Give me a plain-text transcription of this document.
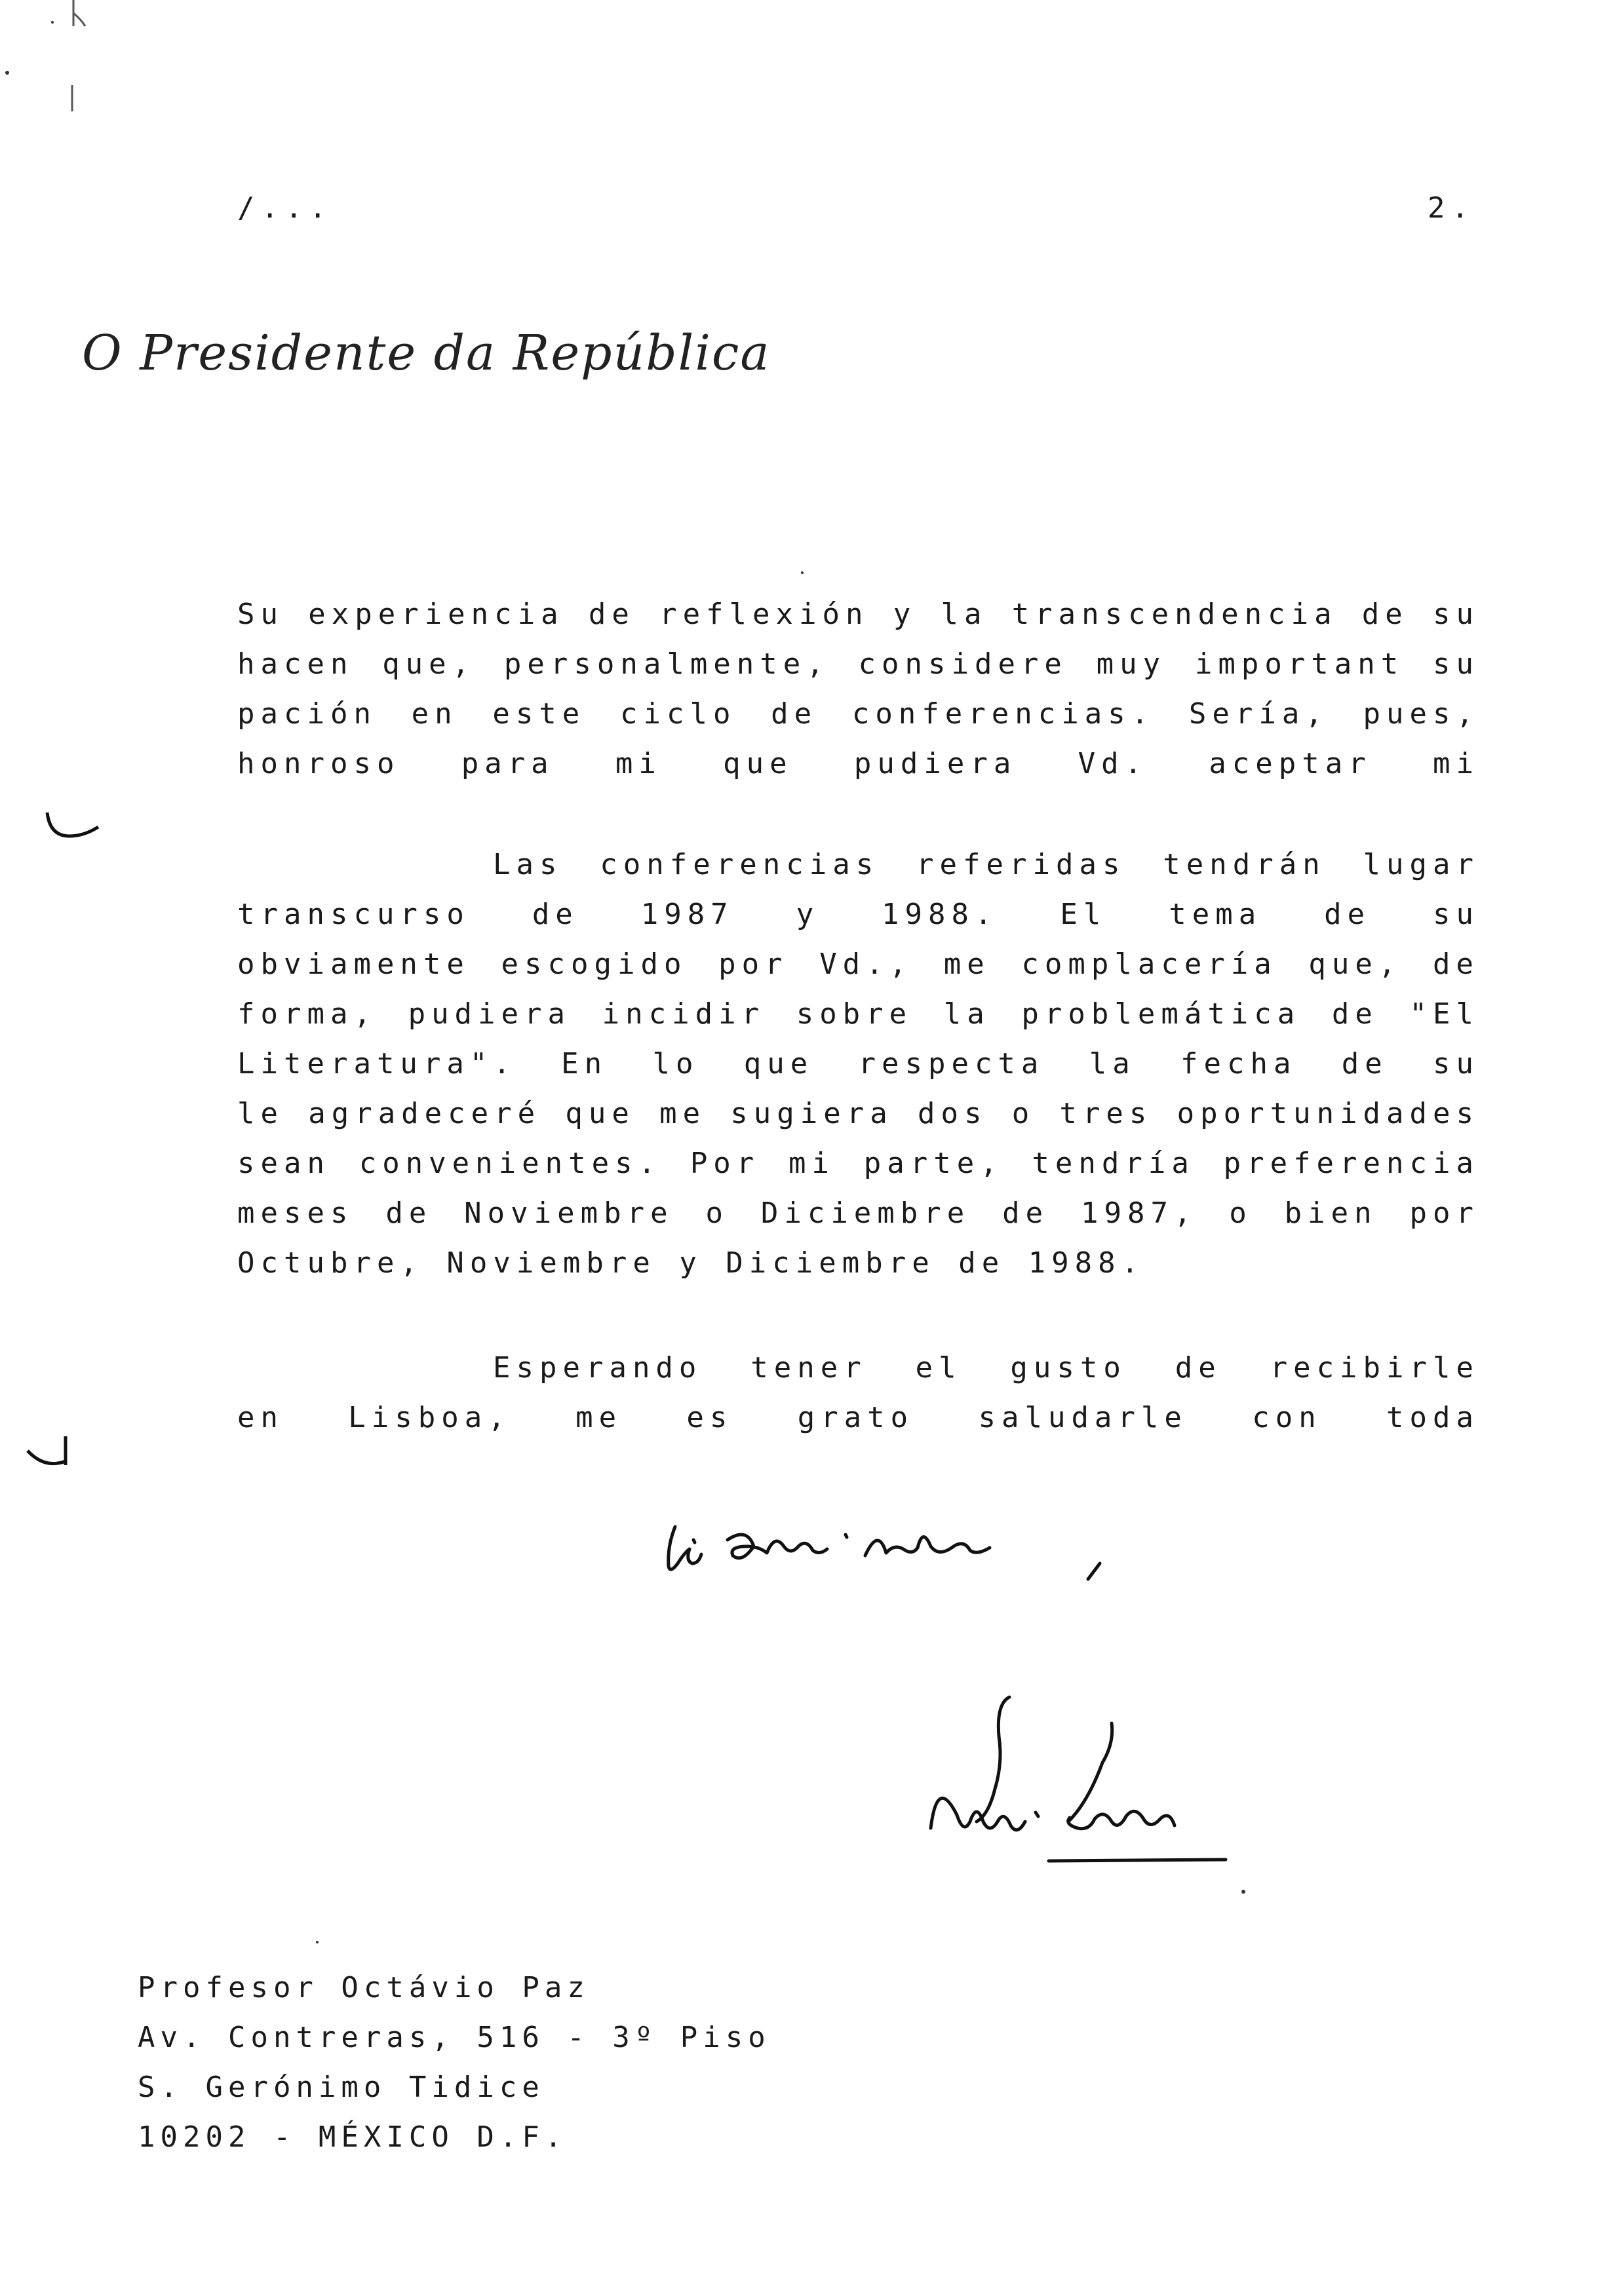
/...	2.
O Presidente da República
Su experiencia de reflexión y la transcendencia de su
hacen que, personalmente, considere muy important su
pación en este ciclo de conferencias. Sería, pues,
honroso para mi que pudiera Vd. aceptar mi
Las conferencias referidas tendrán lugar
transcurso de 1987 y 1988. El tema de su
obviamente escogido por Vd., me complacería que, de
forma, pudiera incidir sobre la problemática de "El
Literatura". En lo que respecta la fecha de su
le agradeceré que me sugiera dos o tres oportunidades
sean convenientes. Por mi parte, tendría preferencia
meses de Noviembre o Diciembre de 1987, o bien por
Octubre, Noviembre y Diciembre de 1988.
Esperando tener el gusto de recibirle
en Lisboa, me es grato saludarle con toda
Profesor Octávio Paz
Av. Contreras, 516 - 3º Piso
S. Gerónimo Tidice
10202 - MÉXICO D.F.
